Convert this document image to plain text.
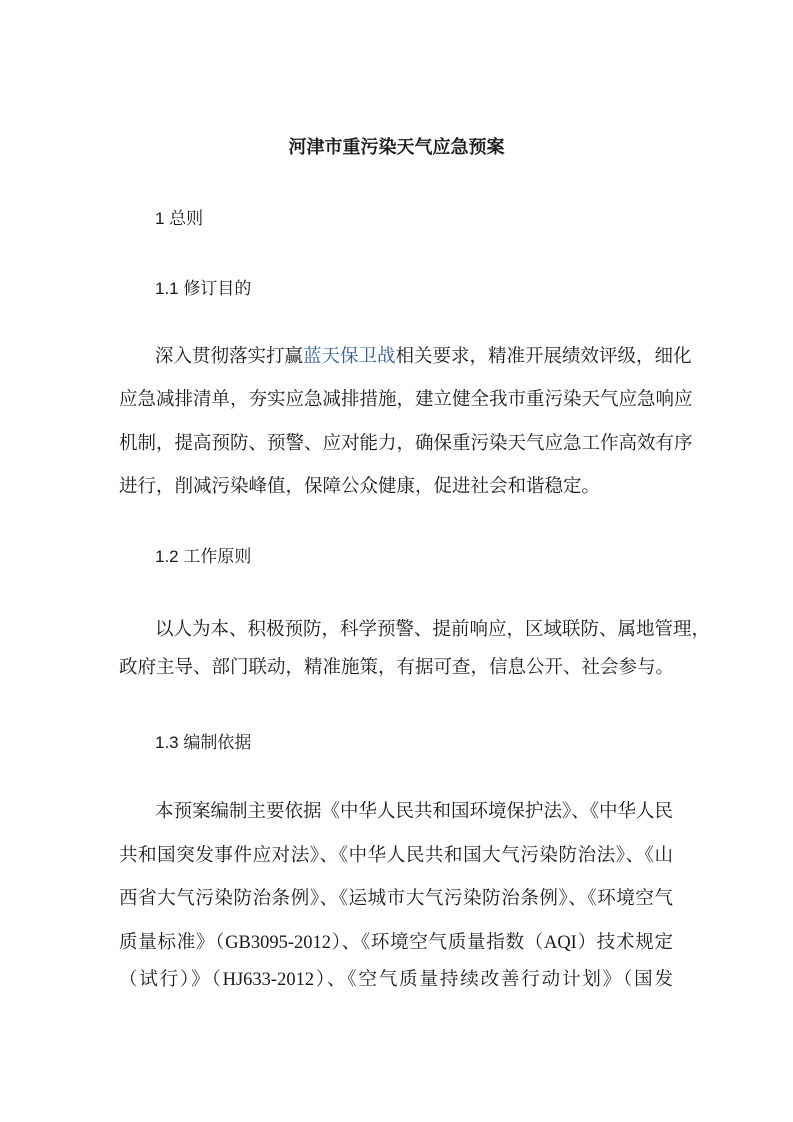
河津市重污染天气应急预案
1 总则
1.1 修订目的
深入贯彻落实打赢蓝天保卫战相关要求，精准开展绩效评级，细化
应急减排清单，夯实应急减排措施，建立健全我市重污染天气应急响应
机制，提高预防、预警、应对能力，确保重污染天气应急工作高效有序
进行，削减污染峰值，保障公众健康，促进社会和谐稳定。
1.2 工作原则
以人为本、积极预防，科学预警、提前响应，区域联防、属地管理，
政府主导、部门联动，精准施策，有据可查，信息公开、社会参与。
1.3 编制依据
本预案编制主要依据《中华人民共和国环境保护法》、《中华人民
共和国突发事件应对法》、《中华人民共和国大气污染防治法》、《山
西省大气污染防治条例》、《运城市大气污染防治条例》、《环境空气
质量标准》（GB3095-2012）、《环境空气质量指数（AQI）技术规定
（试行）》（HJ633-2012）、《空气质量持续改善行动计划》（国发
